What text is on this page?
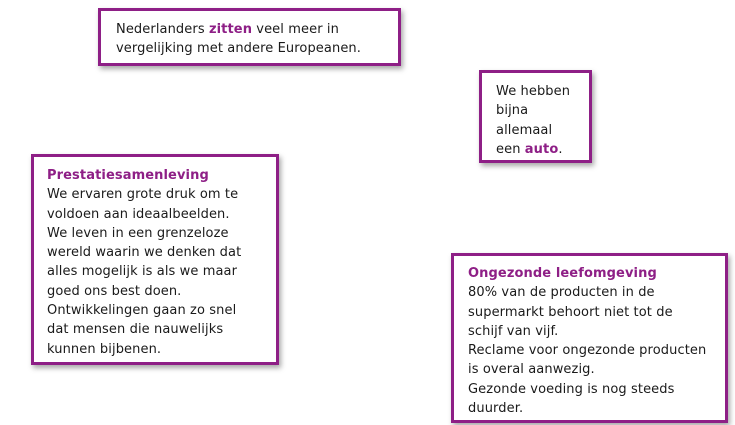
Nederlanders zitten veel meer in
vergelijking met andere Europeanen.
We hebben
bijna
allemaal
een auto.
Prestatiesamenleving
We ervaren grote druk om te
voldoen aan ideaalbeelden.
We leven in een grenzeloze
wereld waarin we denken dat
alles mogelijk is als we maar
goed ons best doen.
Ontwikkelingen gaan zo snel
dat mensen die nauwelijks
kunnen bijbenen.
Ongezonde leefomgeving
80% van de producten in de
supermarkt behoort niet tot de
schijf van vijf.
Reclame voor ongezonde producten
is overal aanwezig.
Gezonde voeding is nog steeds
duurder.
